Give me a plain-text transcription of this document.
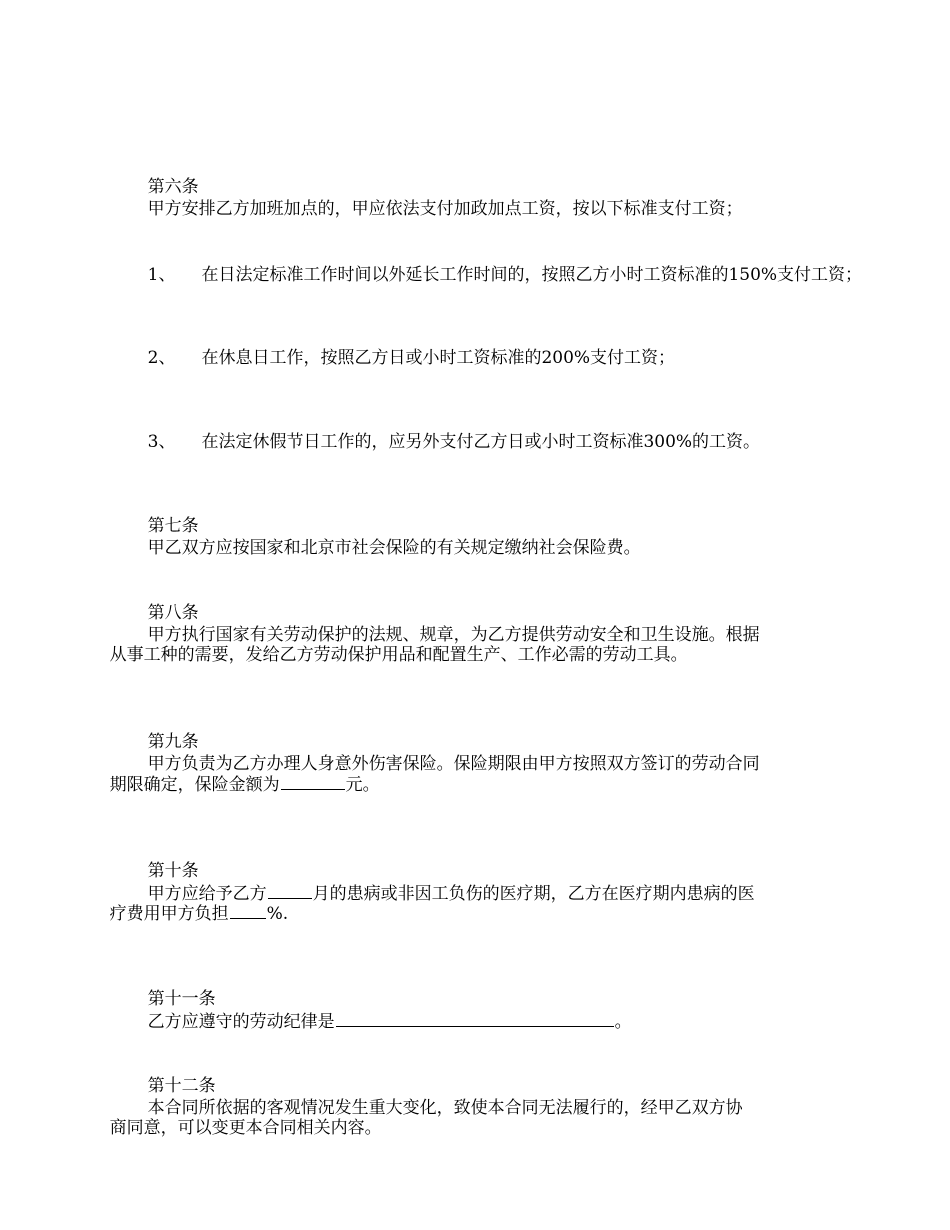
第六条
甲方安排乙方加班加点的，甲应依法支付加政加点工资，按以下标准支付工资；

1、 在日法定标准工作时间以外延长工作时间的，按照乙方小时工资标准的150%支付工资；

2、 在休息日工作，按照乙方日或小时工资标准的200%支付工资；

3、 在法定休假节日工作的，应另外支付乙方日或小时工资标准300%的工资。

第七条
甲乙双方应按国家和北京市社会保险的有关规定缴纳社会保险费。

第八条
甲方执行国家有关劳动保护的法规、规章，为乙方提供劳动安全和卫生设施。根据

从事工种的需要，发给乙方劳动保护用品和配置生产、工作必需的劳动工具。

第九条
甲方负责为乙方办理人身意外伤害保险。保险期限由甲方按照双方签订的劳动合同

期限确定，保险金额为	元。

第十条
甲方应给予乙方	月的患病或非因工负伤的医疗期，乙方在医疗期内患病的医

疗费用甲方负担 %.

第十一条
乙方应遵守的劳动纪律是	。

第十二条
本合同所依据的客观情况发生重大变化，致使本合同无法履行的，经甲乙双方协

商同意，可以变更本合同相关内容。
